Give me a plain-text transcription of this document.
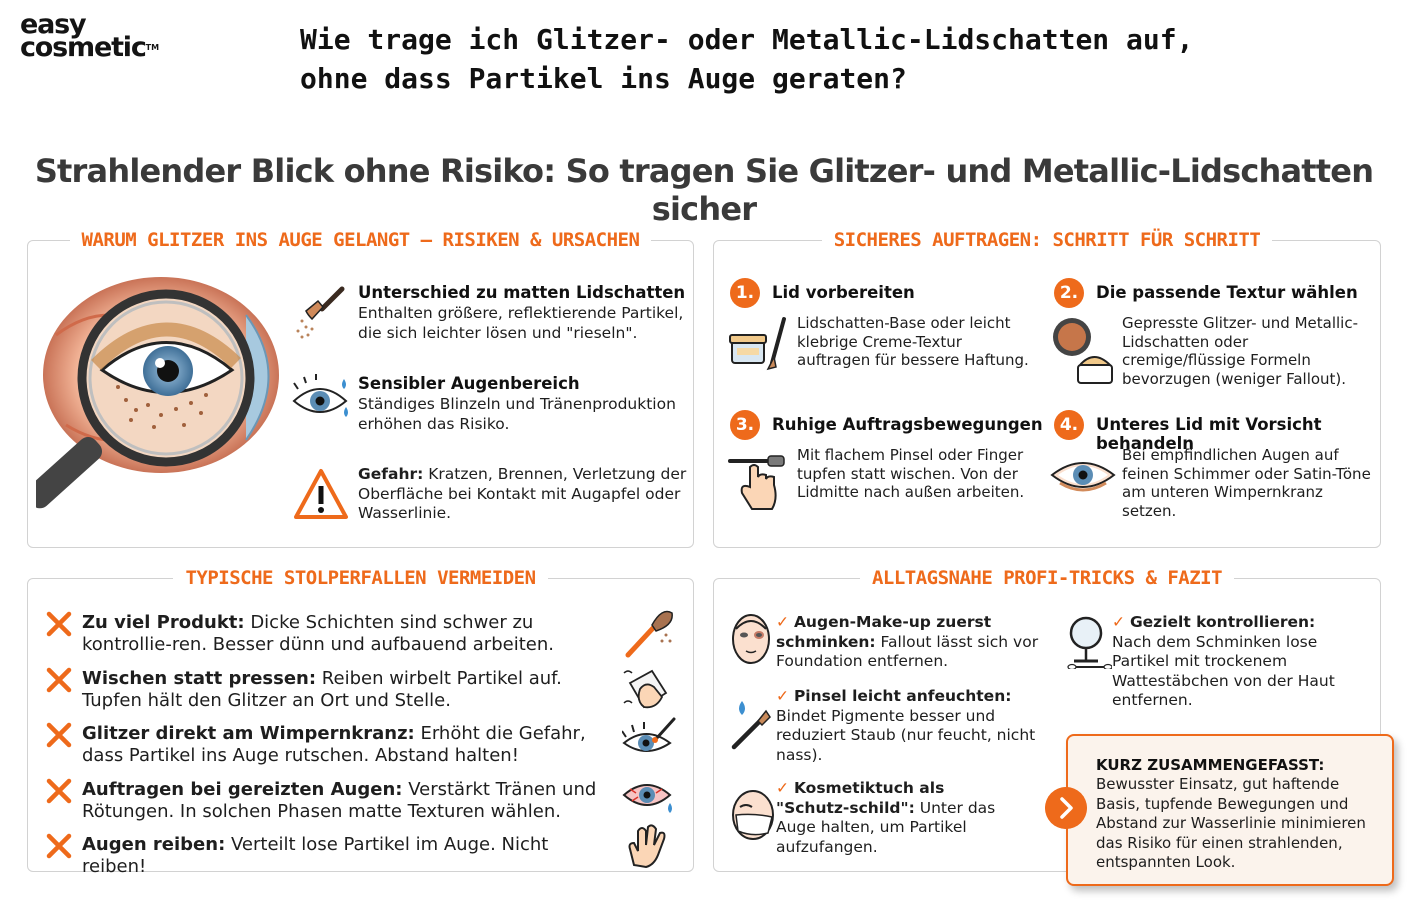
easy
cosmetic™	Wie trage ich Glitzer- oder Metallic-Lidschatten auf, ohne dass Partikel ins Auge geraten?
Strahlender Blick ohne Risiko: So tragen Sie Glitzer- und Metallic-Lidschatten sicher
WARUM GLITZER INS AUGE GELANGT – RISIKEN & URSACHEN
Unterschied zu matten Lidschatten
Enthalten größere, reflektierende Partikel, die sich leichter lösen und "rieseln".
Sensibler Augenbereich
Ständiges Blinzeln und Tränenproduktion erhöhen das Risiko.
Gefahr: Kratzen, Brennen, Verletzung der Oberfläche bei Kontakt mit Augapfel oder Wasserlinie.
SICHERES AUFTRAGEN: SCHRITT FÜR SCHRITT
1.	Lid vorbereiten
Lidschatten-Base oder leicht klebrige Creme-Textur auftragen für bessere Haftung.
2.	Die passende Textur wählen
Gepresste Glitzer- und Metallic-Lidschatten oder cremige/flüssige Formeln bevorzugen (weniger Fallout).
3.	Ruhige Auftragsbewegungen
Mit flachem Pinsel oder Finger tupfen statt wischen. Von der Lidmitte nach außen arbeiten.
4.	Unteres Lid mit Vorsicht behandeln
Bei empfindlichen Augen auf feinen Schimmer oder Satin-Töne am unteren Wimpernkranz setzen.
TYPISCHE STOLPERFALLEN VERMEIDEN
Zu viel Produkt: Dicke Schichten sind schwer zu kontrollie-ren. Besser dünn und aufbauend arbeiten.
Wischen statt pressen: Reiben wirbelt Partikel auf. Tupfen hält den Glitzer an Ort und Stelle.
Glitzer direkt am Wimpernkranz: Erhöht die Gefahr, dass Partikel ins Auge rutschen. Abstand halten!
Auftragen bei gereizten Augen: Verstärkt Tränen und Rötungen. In solchen Phasen matte Texturen wählen.
Augen reiben: Verteilt lose Partikel im Auge. Nicht reiben!
ALLTAGSNAHE PROFI-TRICKS & FAZIT
✓ Augen-Make-up zuerst schminken: Fallout lässt sich vor Foundation entfernen.
✓ Pinsel leicht anfeuchten:
Bindet Pigmente besser und reduziert Staub (nur feucht, nicht nass).
✓ Kosmetiktuch als "Schutz-schild": Unter das Auge halten, um Partikel aufzufangen.
✓ Gezielt kontrollieren:
Nach dem Schminken lose Partikel mit trockenem Wattestäbchen von der Haut entfernen.
KURZ ZUSAMMENGEFASST:
Bewusster Einsatz, gut haftende Basis, tupfende Bewegungen und Abstand zur Wasserlinie minimieren das Risiko für einen strahlenden, entspannten Look.
